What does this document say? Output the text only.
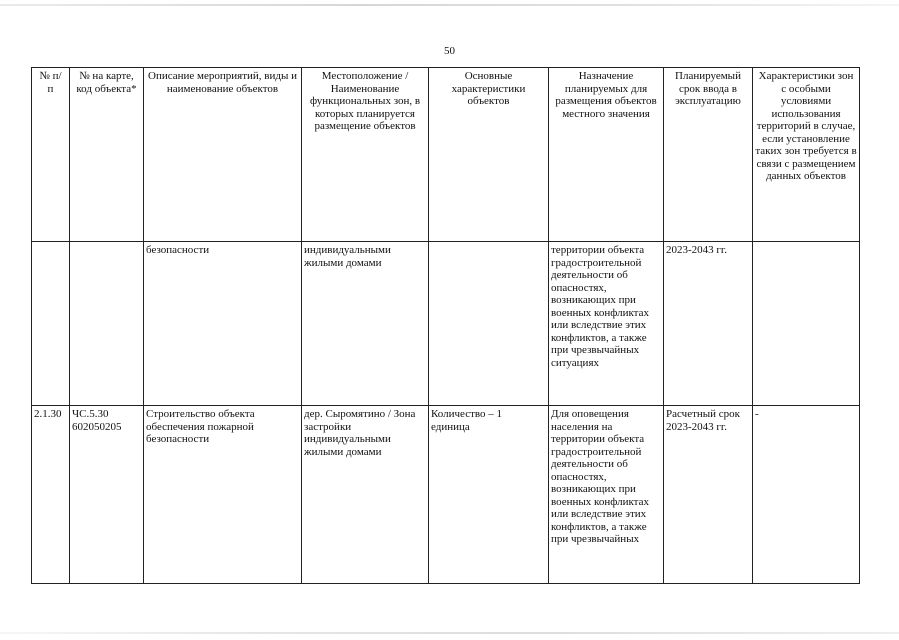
50
№ п/п	№ на карте, код объекта*	Описание мероприятий, виды и наименование объектов	Местоположение / Наименование функциональных зон, в которых планируется размещение объектов	Основные характеристики объектов	Назначение планируемых для размещения объектов местного значения	Планируемый срок ввода в эксплуатацию	Характеристики зон с особыми условиями использования территорий в случае, если установление таких зон требуется в связи с размещением данных объектов
		безопасности	индивидуальными жилыми домами		территории объекта градостроительной деятельности об опасностях, возникающих при военных конфликтах или вследствие этих конфликтов, а также при чрезвычайных ситуациях	2023-2043 гг.	
2.1.30	ЧС.5.30 602050205	Строительство объекта обеспечения пожарной безопасности	дер. Сыромятино / Зона застройки индивидуальными жилыми домами	Количество – 1 единица	Для оповещения населения на территории объекта градостроительной деятельности об опасностях, возникающих при военных конфликтах или вследствие этих конфликтов, а также при чрезвычайных	Расчетный срок 2023-2043 гг.	-
